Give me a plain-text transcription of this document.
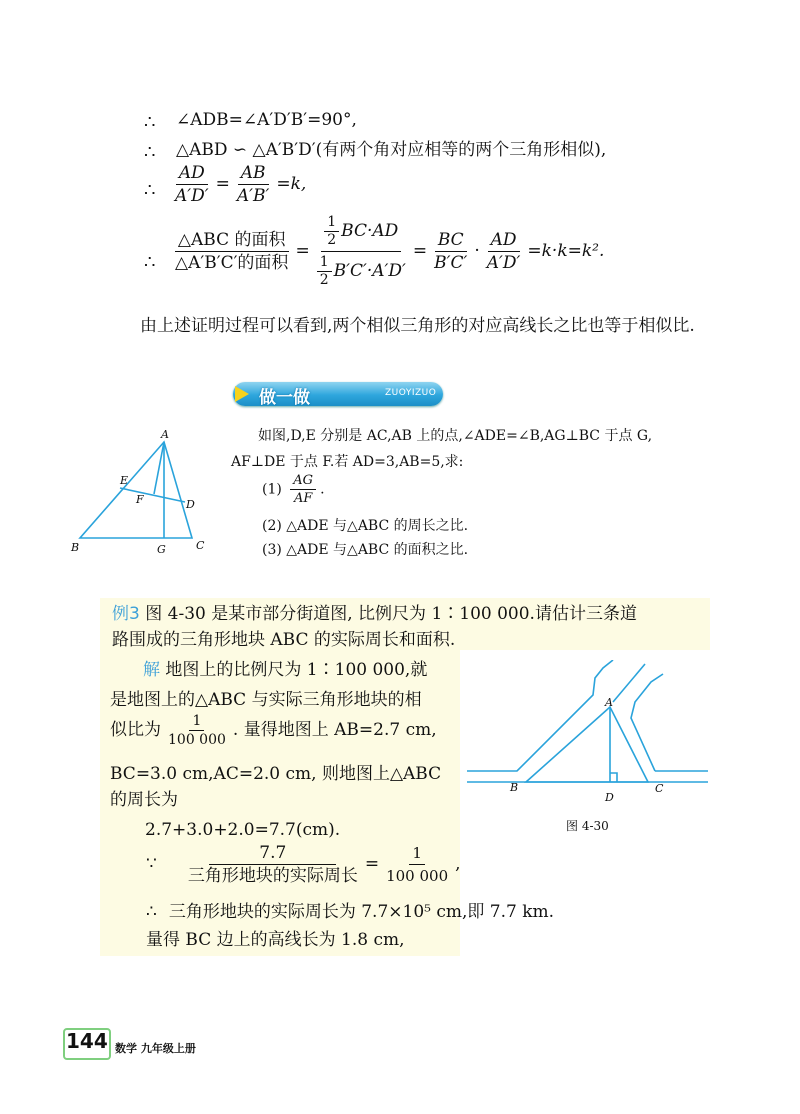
∴ ∠ADB=∠A′D′B′=90°,
∴ △ABD ∽ △A′B′D′(有两个角对应相等的两个三角形相似),
∴ $\frac{AD}{A'D'} = \frac{AB}{A'B'} =k$,
∴ $\frac{\text{△ABC 的面积}}{\text{△A′B′C′的面积}} = \frac{\frac{1}{2} BC\cdot AD}{\frac{1}{2} B'C'\cdot A'D'} = \frac{BC}{B'C'} \cdot \frac{AD}{A'D'} =k\cdot k=k^2$.
由上述证明过程可以看到,两个相似三角形的对应高线长之比也等于相似比.
做一做	ZUOYIZUO
A
B	C
D
E
F
G
如图,D,E 分别是 AC,AB 上的点,∠ADE=∠B,AG⊥BC 于点 G,
AF⊥DE 于点 F.若 AD=3,AB=5,求:
$(1) \frac{AG}{AF}$ .
(2) △ADE 与△ABC 的周长之比.
(3) △ADE 与△ABC 的面积之比.
例3 图 4-30 是某市部分街道图, 比例尺为 1∶100 000.请估计三条道
路围成的三角形地块 ABC 的实际周长和面积.
解 地图上的比例尺为 1∶100 000,就
是地图上的△ABC 与实际三角形地块的相
似比为 $\frac{1}{100 000}$ . 量得地图上 AB=2.7 cm,
BC=3.0 cm,AC=2.0 cm, 则地图上△ABC
的周长为
2.7+3.0+2.0=7.7(cm).
∵ $\frac{7.7}{\text{三角形地块的实际周长}} = \frac{1}{100 000}$ ,
∴ 三角形地块的实际周长为 7.7×10⁵ cm,即 7.7 km.
量得 BC 边上的高线长为 1.8 cm,
A
B	C
D
图 4-30
144 数学 九年级上册
